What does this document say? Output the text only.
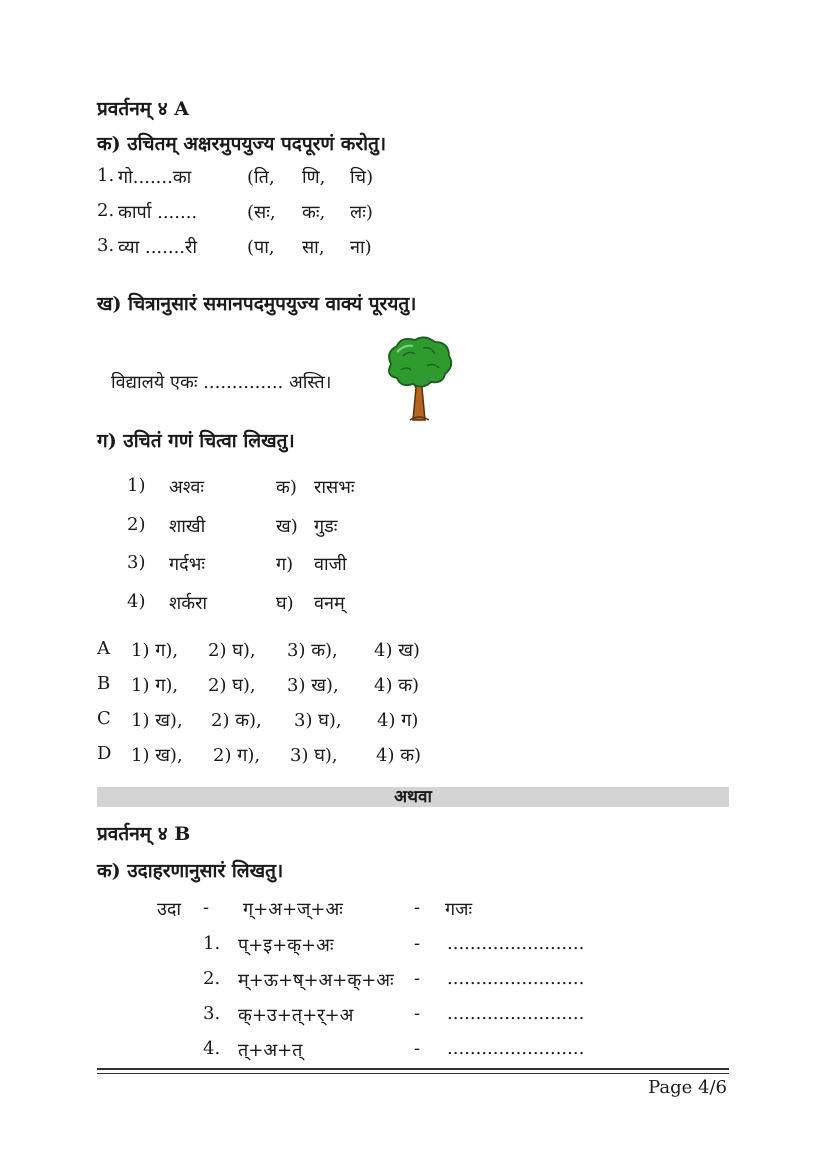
प्रवर्तनम् ४ A
क) उचितम् अक्षरमुपयुज्य पदपूरणं करोतु।
1. गो.......का	(ति, णि, चि)
2. कार्पा .......	(सः, कः, लः)
3. व्या .......री	(पा, सा, ना)
ख) चित्रानुसारं समानपदमुपयुज्य वाक्यं पूरयतु।
विद्यालये एकः .............. अस्ति।
ग) उचितं गणं चित्वा लिखतु।
1) अश्वः	क) रासभः
2) शाखी	ख) गुडः
3) गर्दभः	ग) वाजी
4) शर्करा	घ) वनम्
A 1) ग), 2) घ), 3) क), 4) ख)
B 1) ग), 2) घ), 3) ख), 4) क)
C 1) ख), 2) क), 3) घ), 4) ग)
D 1) ख), 2) ग), 3) घ), 4) क)
अथवा
प्रवर्तनम् ४ B
क) उदाहरणानुसारं लिखतु।
उदा - ग्+अ+ज्+अः	- गजः
1. प्+इ+क्+अः	- ........................
2. म्+ऊ+ष्+अ+क्+अः - ........................
3. क्+उ+त्+र्+अ	- ........................
4. त्+अ+त्	- ........................
Page 4/6
